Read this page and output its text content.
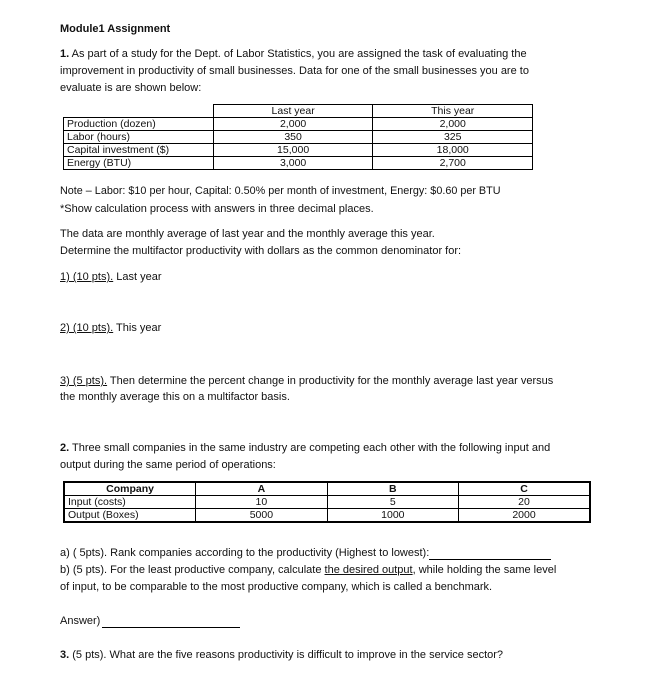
Module1 Assignment
1. As part of a study for the Dept. of Labor Statistics, you are assigned the task of evaluating the
improvement in productivity of small businesses. Data for one of the small businesses you are to
evaluate is are shown below:
	Last year	This year
Production (dozen)	2,000	2,000
Labor (hours)	350	325
Capital investment ($)	15,000	18,000
Energy (BTU)	3,000	2,700
Note – Labor: $10 per hour, Capital: 0.50% per month of investment, Energy: $0.60 per BTU
*Show calculation process with answers in three decimal places.
The data are monthly average of last year and the monthly average this year.
Determine the multifactor productivity with dollars as the common denominator for:
1) (10 pts). Last year
2) (10 pts). This year
3) (5 pts). Then determine the percent change in productivity for the monthly average last year versus
the monthly average this on a multifactor basis.
2. Three small companies in the same industry are competing each other with the following input and
output during the same period of operations:
Company	A	B	C
Input (costs)	10	5	20
Output (Boxes)	5000	1000	2000
a) ( 5pts). Rank companies according to the productivity (Highest to lowest):
b) (5 pts). For the least productive company, calculate the desired output, while holding the same level
of input, to be comparable to the most productive company, which is called a benchmark.
Answer)
3. (5 pts). What are the five reasons productivity is difficult to improve in the service sector?
